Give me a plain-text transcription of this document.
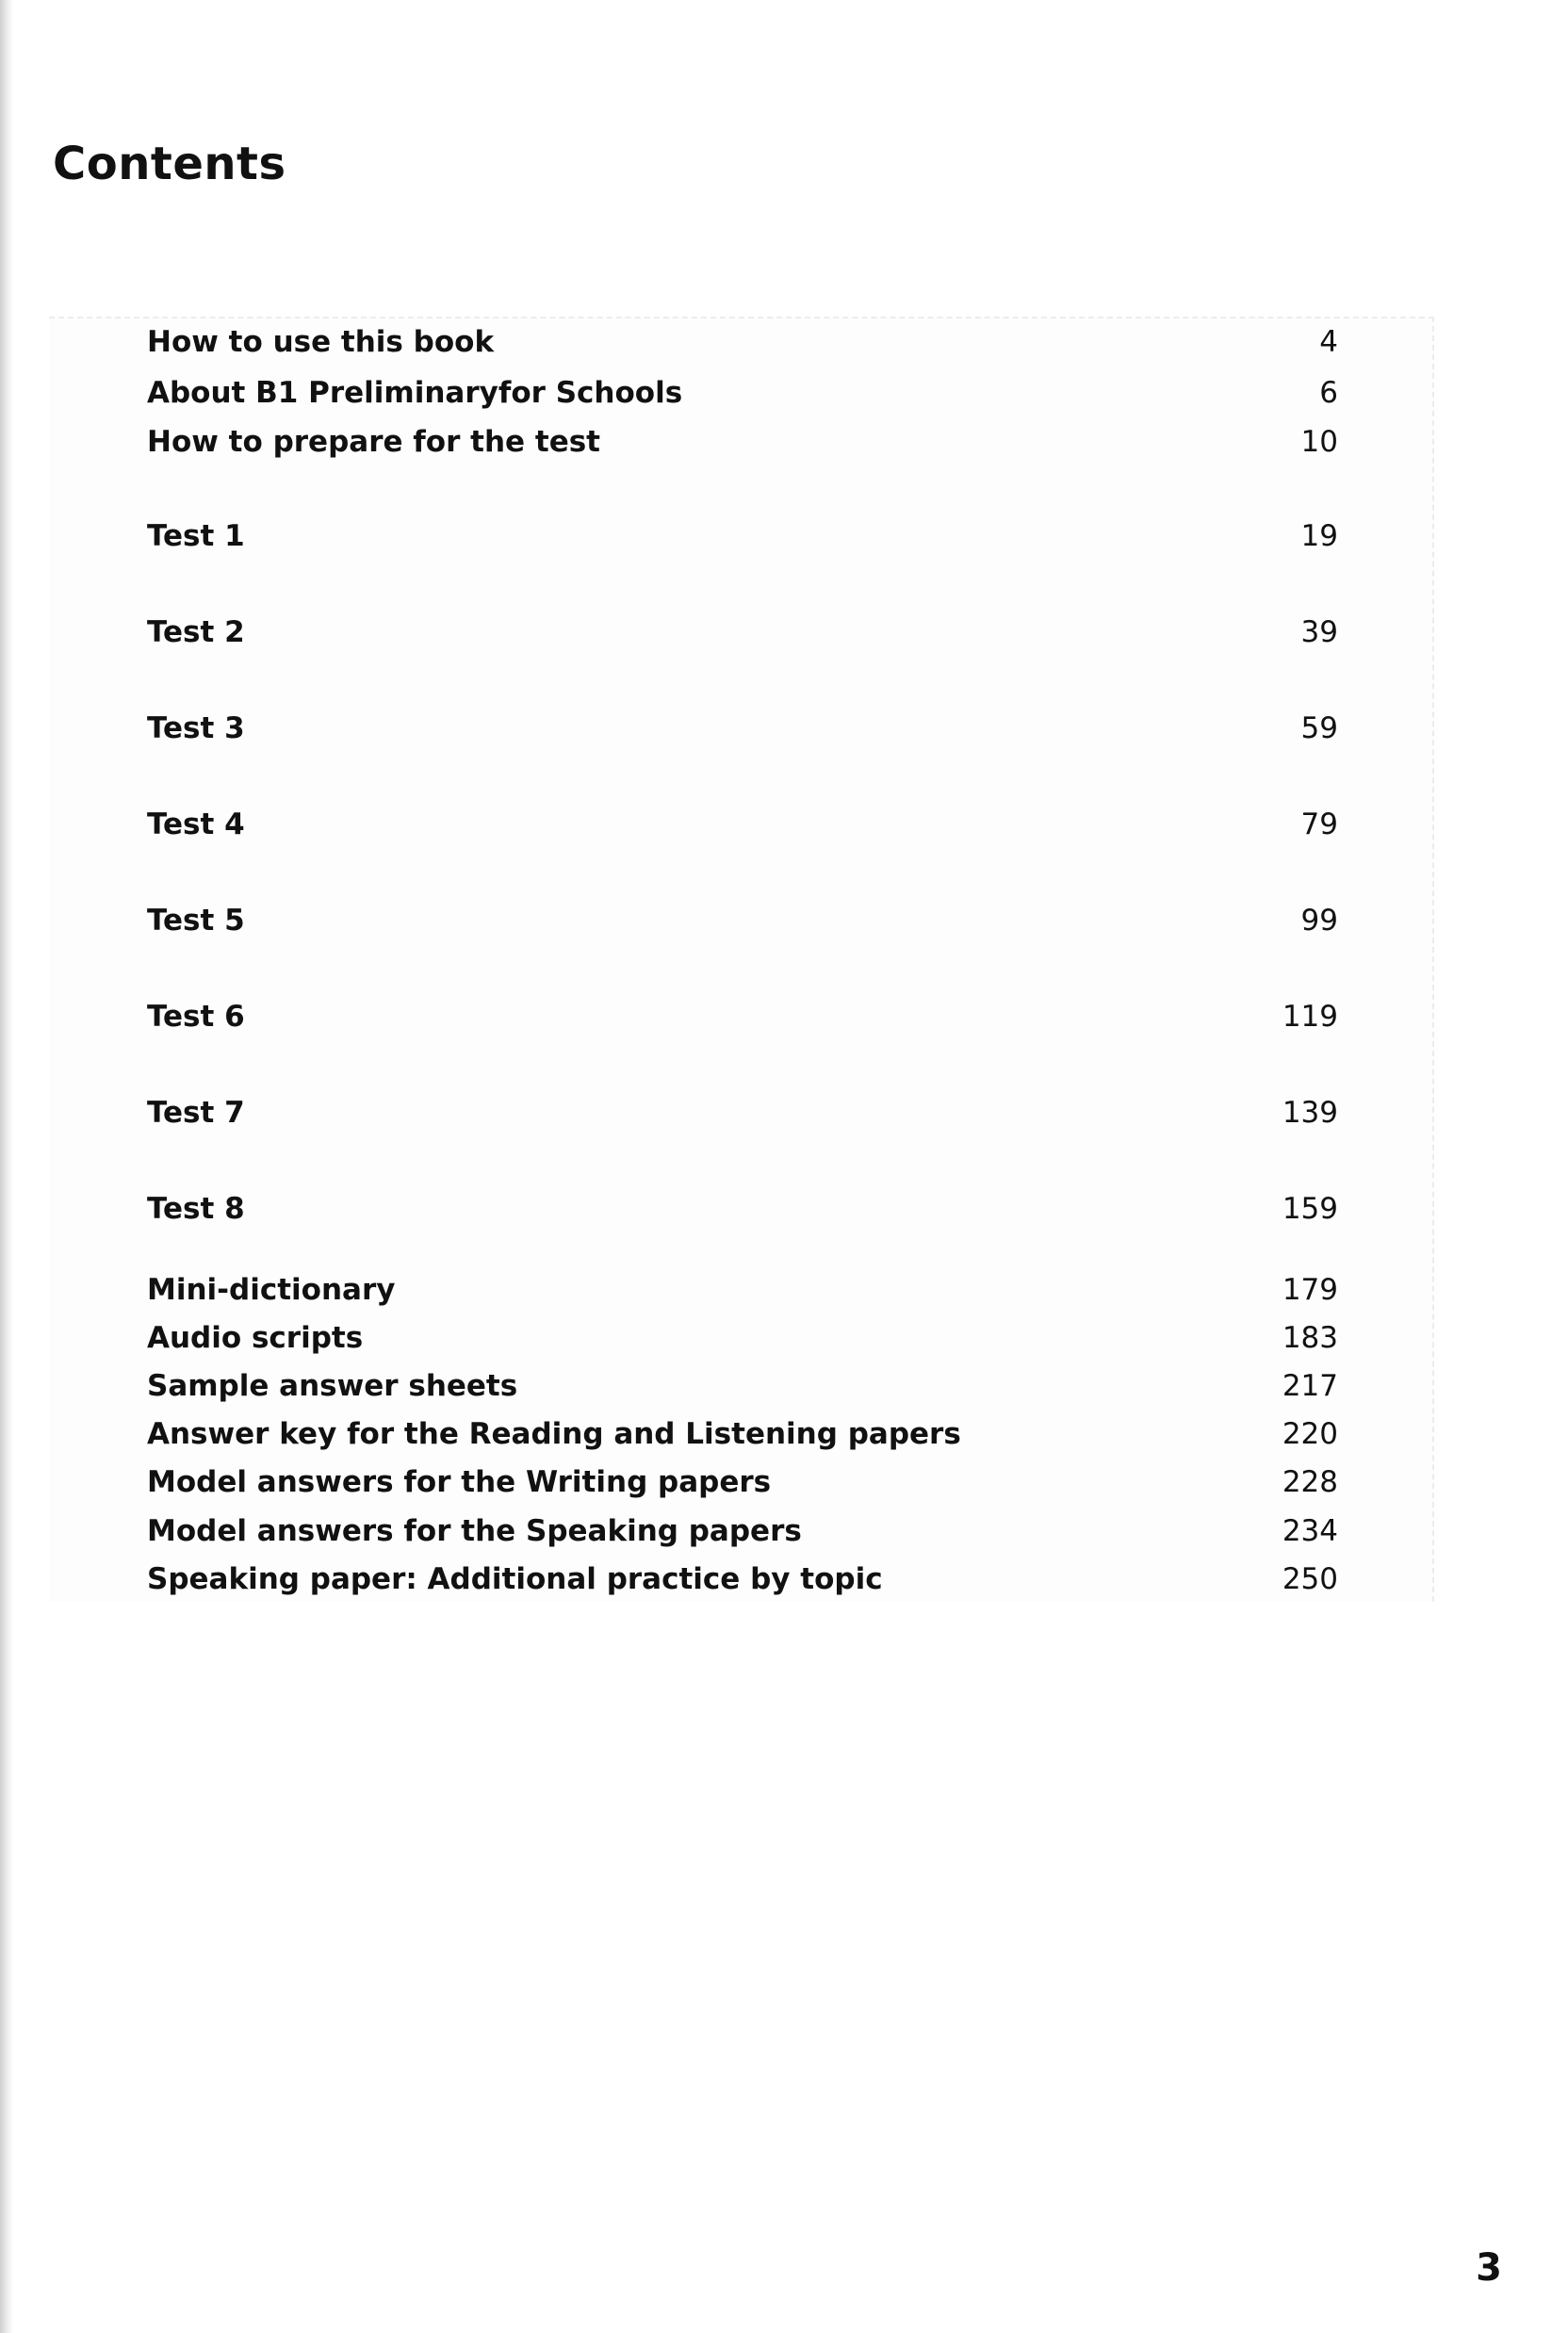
Contents
How to use this book	4
About B1 Preliminaryfor Schools	6
How to prepare for the test	10
Test 1	19
Test 2	39
Test 3	59
Test 4	79
Test 5	99
Test 6	119
Test 7	139
Test 8	159
Mini-dictionary	179
Audio scripts	183
Sample answer sheets	217
Answer key for the Reading and Listening papers	220
Model answers for the Writing papers	228
Model answers for the Speaking papers	234
Speaking paper: Additional practice by topic	250
3
